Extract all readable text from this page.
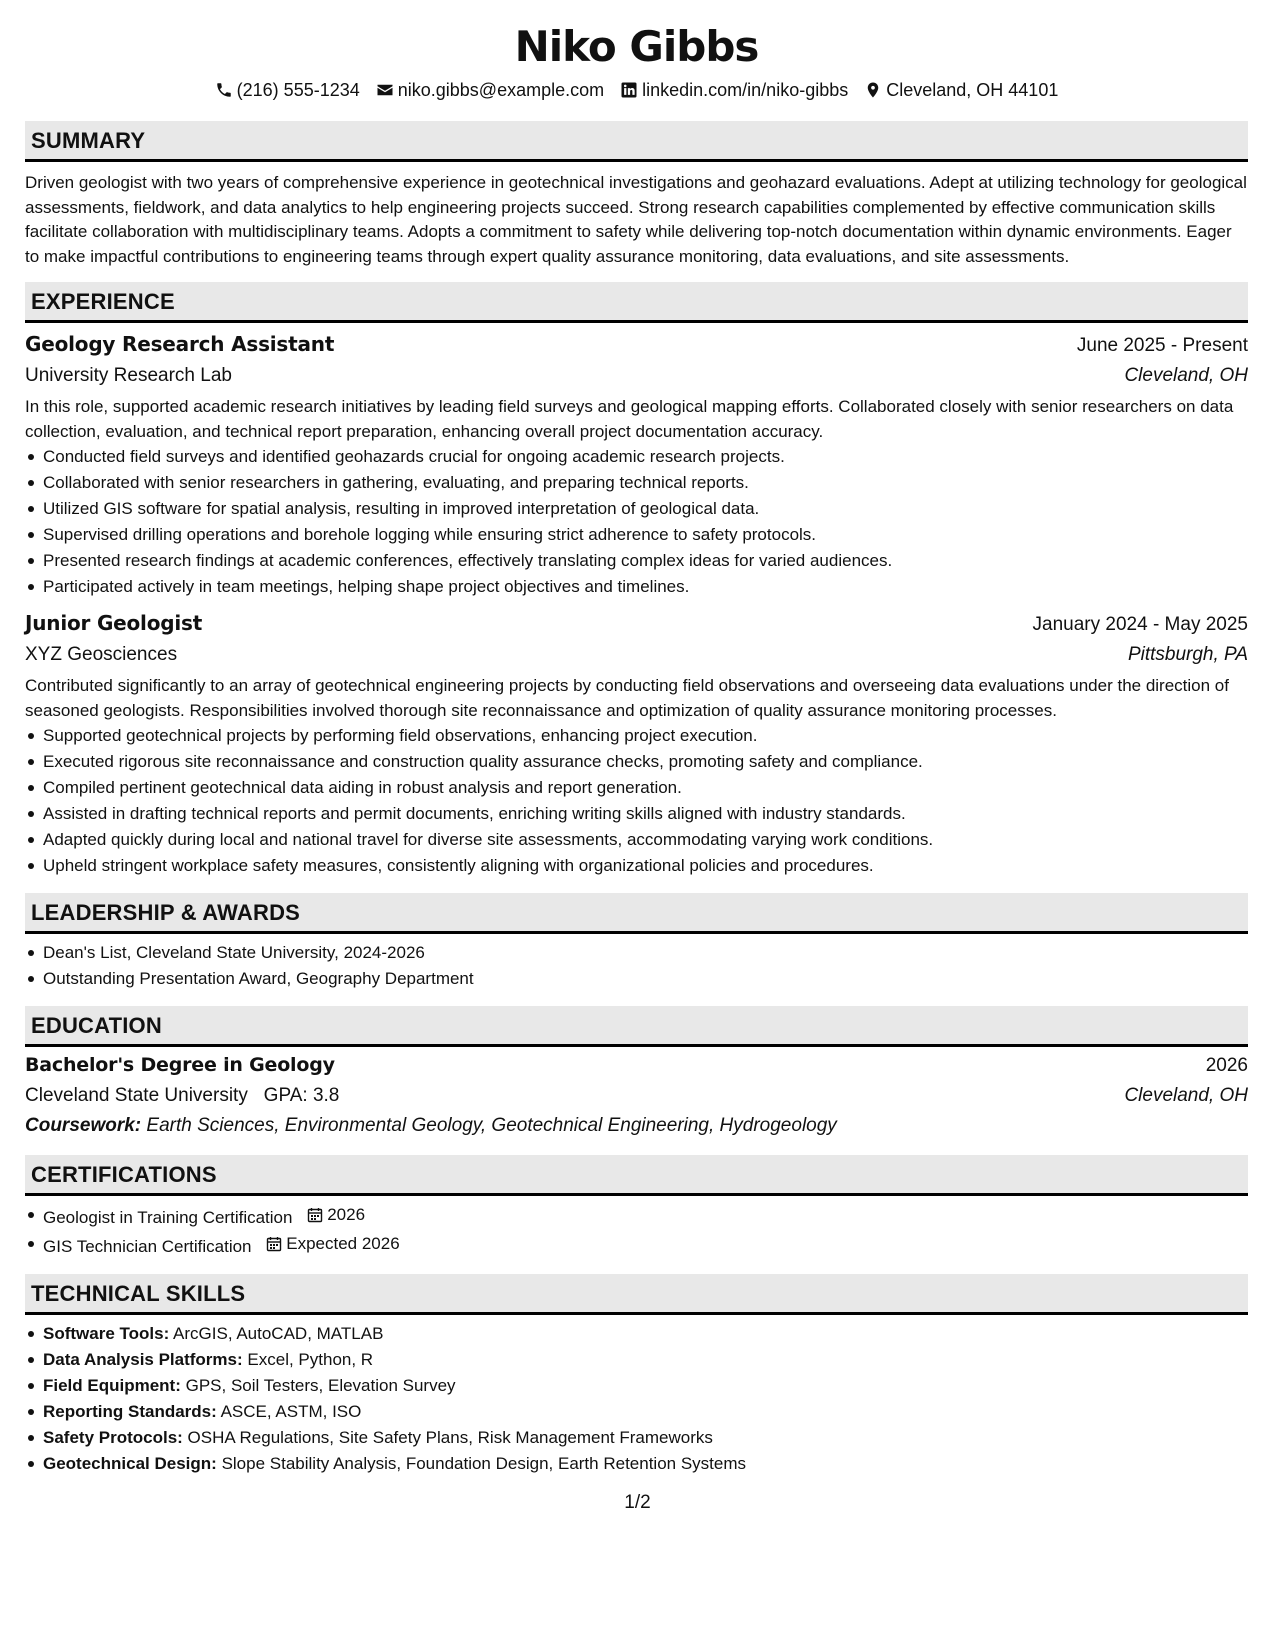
Niko Gibbs
(216) 555-1234 niko.gibbs@example.com linkedin.com/in/niko-gibbs Cleveland, OH 44101
SUMMARY

Driven geologist with two years of comprehensive experience in geotechnical investigations and geohazard evaluations. Adept at utilizing technology for geological assessments, fieldwork, and data analytics to help engineering projects succeed. Strong research capabilities complemented by effective communication skills facilitate collaboration with multidisciplinary teams. Adopts a commitment to safety while delivering top-notch documentation within dynamic environments. Eager to make impactful contributions to engineering teams through expert quality assurance monitoring, data evaluations, and site assessments.

EXPERIENCE
Geology Research Assistant	June 2025 - Present
University Research Lab	Cleveland, OH

In this role, supported academic research initiatives by leading field surveys and geological mapping efforts. Collaborated closely with senior researchers on data collection, evaluation, and technical report preparation, enhancing overall project documentation accuracy.

Conducted field surveys and identified geohazards crucial for ongoing academic research projects.
Collaborated with senior researchers in gathering, evaluating, and preparing technical reports.
Utilized GIS software for spatial analysis, resulting in improved interpretation of geological data.
Supervised drilling operations and borehole logging while ensuring strict adherence to safety protocols.
Presented research findings at academic conferences, effectively translating complex ideas for varied audiences.
Participated actively in team meetings, helping shape project objectives and timelines.
Junior Geologist	January 2024 - May 2025
XYZ Geosciences	Pittsburgh, PA

Contributed significantly to an array of geotechnical engineering projects by conducting field observations and overseeing data evaluations under the direction of seasoned geologists. Responsibilities involved thorough site reconnaissance and optimization of quality assurance monitoring processes.

Supported geotechnical projects by performing field observations, enhancing project execution.
Executed rigorous site reconnaissance and construction quality assurance checks, promoting safety and compliance.
Compiled pertinent geotechnical data aiding in robust analysis and report generation.
Assisted in drafting technical reports and permit documents, enriching writing skills aligned with industry standards.
Adapted quickly during local and national travel for diverse site assessments, accommodating varying work conditions.
Upheld stringent workplace safety measures, consistently aligning with organizational policies and procedures.
LEADERSHIP & AWARDS
Dean's List, Cleveland State University, 2024-2026
Outstanding Presentation Award, Geography Department
EDUCATION
Bachelor's Degree in Geology	2026
Cleveland State University GPA: 3.8	Cleveland, OH
Coursework: Earth Sciences, Environmental Geology, Geotechnical Engineering, Hydrogeology
CERTIFICATIONS
Geologist in Training Certification 2026
GIS Technician Certification Expected 2026
TECHNICAL SKILLS
Software Tools: ArcGIS, AutoCAD, MATLAB
Data Analysis Platforms: Excel, Python, R
Field Equipment: GPS, Soil Testers, Elevation Survey
Reporting Standards: ASCE, ASTM, ISO
Safety Protocols: OSHA Regulations, Site Safety Plans, Risk Management Frameworks
Geotechnical Design: Slope Stability Analysis, Foundation Design, Earth Retention Systems
1/2
